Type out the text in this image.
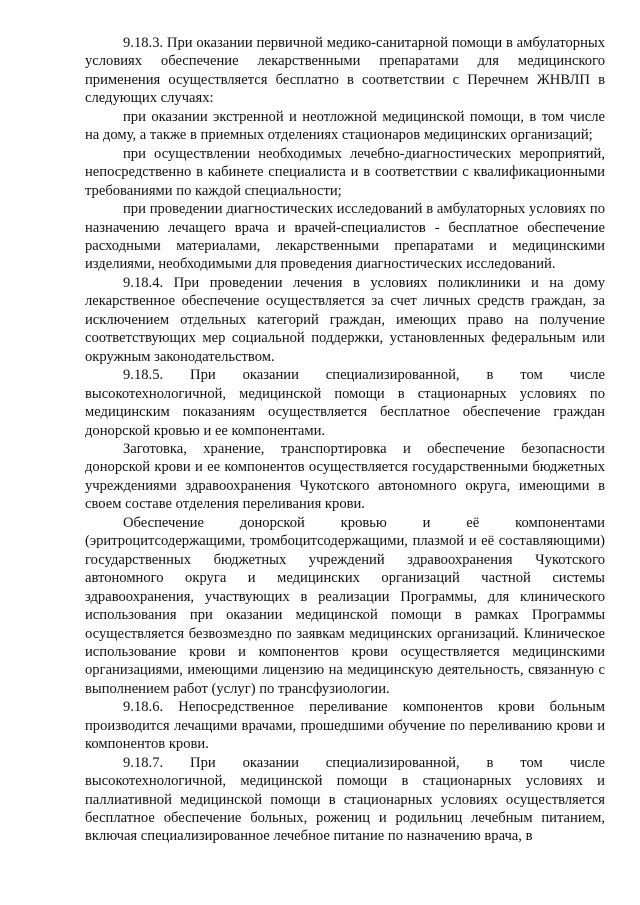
9.18.3. При оказании первичной медико-санитарной помощи в амбулаторных условиях обеспечение лекарственными препаратами для медицинского применения осуществляется бесплатно в соответствии с Перечнем ЖНВЛП в следующих случаях:

при оказании экстренной и неотложной медицинской помощи, в том числе на дому, а также в приемных отделениях стационаров медицинских организаций;

при осуществлении необходимых лечебно-диагностических мероприятий, непосредственно в кабинете специалиста и в соответствии с квалификационными требованиями по каждой специальности;

при проведении диагностических исследований в амбулаторных условиях по назначению лечащего врача и врачей-специалистов - бесплатное обеспечение расходными материалами, лекарственными препаратами и медицинскими изделиями, необходимыми для проведения диагностических исследований.

9.18.4. При проведении лечения в условиях поликлиники и на дому лекарственное обеспечение осуществляется за счет личных средств граждан, за исключением отдельных категорий граждан, имеющих право на получение соответствующих мер социальной поддержки, установленных федеральным или окружным законодательством.

9.18.5. При оказании специализированной, в том числе высокотехнологичной, медицинской помощи в стационарных условиях по медицинским показаниям осуществляется бесплатное обеспечение граждан донорской кровью и ее компонентами.

Заготовка, хранение, транспортировка и обеспечение безопасности донорской крови и ее компонентов осуществляется государственными бюджетных учреждениями здравоохранения Чукотского автономного округа, имеющими в своем составе отделения переливания крови.

Обеспечение донорской кровью и её компонентами (эритроцитсодержащими, тромбоцитсодержащими, плазмой и её составляющими) государственных бюджетных учреждений здравоохранения Чукотского автономного округа и медицинских организаций частной системы здравоохранения, участвующих в реализации Программы, для клинического использования при оказании медицинской помощи в рамках Программы осуществляется безвозмездно по заявкам медицинских организаций. Клиническое использование крови и компонентов крови осуществляется медицинскими организациями, имеющими лицензию на медицинскую деятельность, связанную с выполнением работ (услуг) по трансфузиологии.

9.18.6. Непосредственное переливание компонентов крови больным производится лечащими врачами, прошедшими обучение по переливанию крови и компонентов крови.

9.18.7. При оказании специализированной, в том числе высокотехнологичной, медицинской помощи в стационарных условиях и паллиативной медицинской помощи в стационарных условиях осуществляется бесплатное обеспечение больных, рожениц и родильниц лечебным питанием, включая специализированное лечебное питание по назначению врача, в
